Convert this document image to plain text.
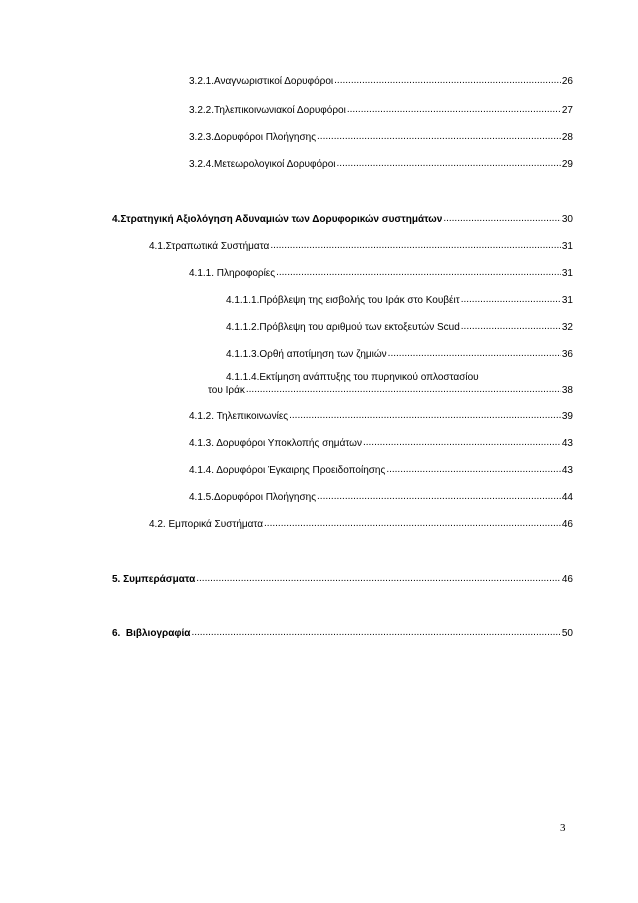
3.2.1.Αναγνωριστικοί Δορυφόροι .....	26
3.2.2.Τηλεπικοινωνιακοί Δορυφόροι .....	27
3.2.3.Δορυφόροι Πλοήγησης .....	28
3.2.4.Μετεωρολογικοί Δορυφόροι .....	29
4.Στρατηγική Αξιολόγηση Αδυναμιών των Δορυφορικών συστημάτων .....	30
4.1.Στραπωτικά Συστήματα .....	31
4.1.1. Πληροφορίες .....	31
4.1.1.1.Πρόβλεψη της εισβολής του Ιράκ στο Κουβέιτ .....	31
4.1.1.2.Πρόβλεψη του αριθμού των εκτοξευτών Scud .....	32
4.1.1.3.Ορθή αποτίμηση των ζημιών .....	36
4.1.1.4.Εκτίμηση ανάπτυξης του πυρηνικού οπλοστασίου
του Ιράκ .....	38
4.1.2. Τηλεπικοινωνίες .....	39
4.1.3. Δορυφόροι Υποκλοπής σημάτων .....	43
4.1.4. Δορυφόροι Έγκαιρης Προειδοποίησης .....	43
4.1.5.Δορυφόροι Πλοήγησης .....	44
4.2. Εμπορικά Συστήματα .....	46
5. Συμπεράσματα .....	46
6.  Βιβλιογραφία .....	50
3
